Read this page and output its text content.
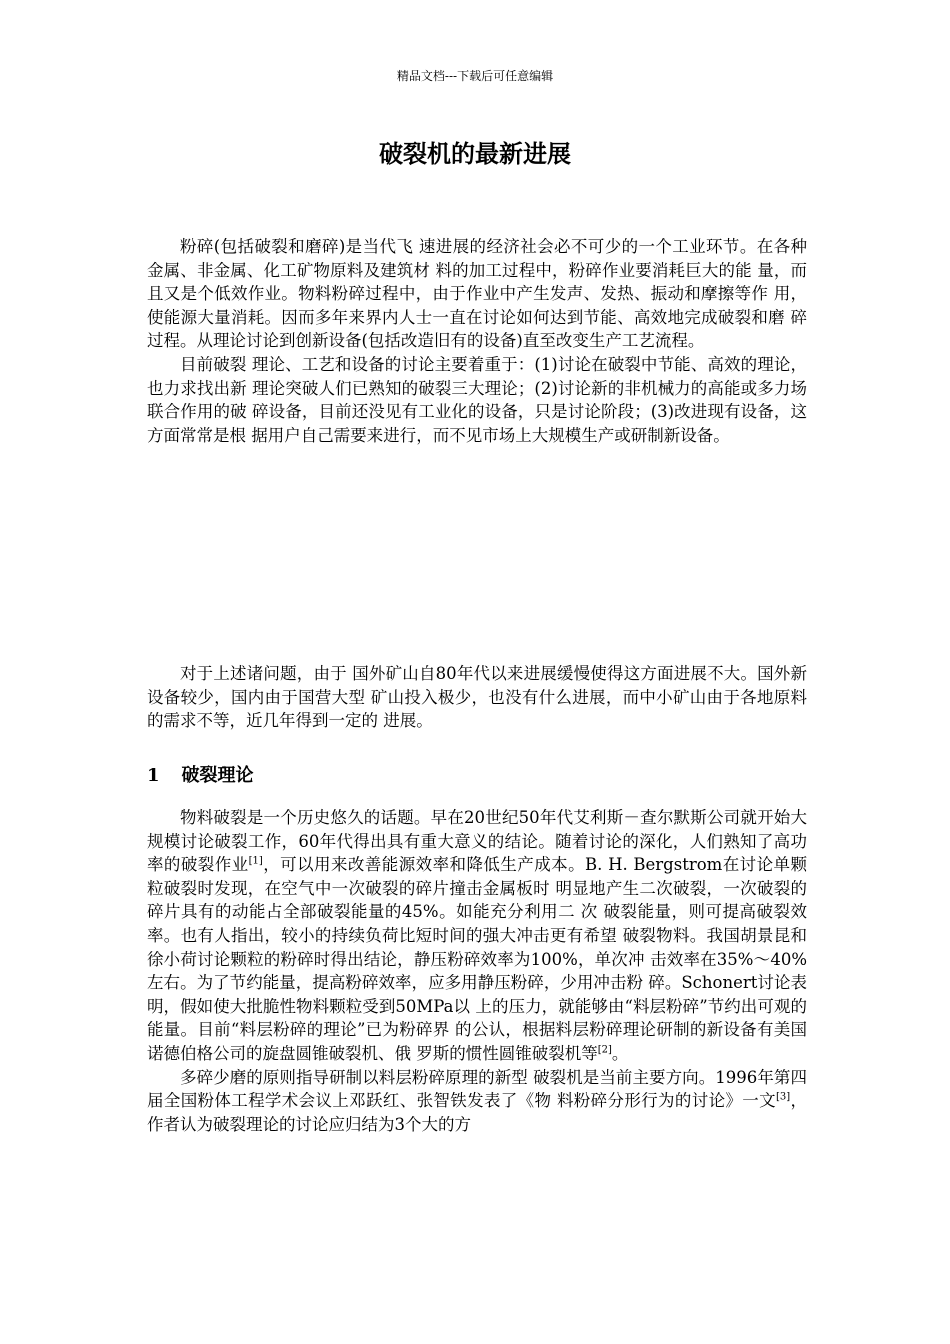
精品文档---下载后可任意编辑
破裂机的最新进展

粉碎(包括破裂和磨碎)是当代飞 速进展的经济社会必不可少的一个工业环节。在各种金属、非金属、化工矿物原料及建筑材 料的加工过程中，粉碎作业要消耗巨大的能 量，而且又是个低效作业。物料粉碎过程中，由于作业中产生发声、发热、振动和摩擦等作 用，使能源大量消耗。因而多年来界内人士一直在讨论如何达到节能、高效地完成破裂和磨 碎过程。从理论讨论到创新设备(包括改造旧有的设备)直至改变生产工艺流程。

目前破裂 理论、工艺和设备的讨论主要着重于：(1)讨论在破裂中节能、高效的理论，也力求找出新 理论突破人们已熟知的破裂三大理论；(2)讨论新的非机械力的高能或多力场联合作用的破 碎设备，目前还没见有工业化的设备，只是讨论阶段；(3)改进现有设备，这方面常常是根 据用户自己需要来进行，而不见市场上大规模生产或研制新设备。

对于上述诸问题，由于 国外矿山自80年代以来进展缓慢使得这方面进展不大。国外新设备较少，国内由于国营大型 矿山投入极少，也没有什么进展，而中小矿山由于各地原料的需求不等，近几年得到一定的 进展。

1 破裂理论

物料破裂是一个历史悠久的话题。早在20世纪50年代艾利斯－查尔默斯公司就开始大规模讨论破裂工作，60年代得出具有重大意义的结论。随着讨论的深化，人们熟知了高功率的破裂作业[1]，可以用来改善能源效率和降低生产成本。B. H. Bergstrom在讨论单颗粒破裂时发现，在空气中一次破裂的碎片撞击金属板时 明显地产生二次破裂，一次破裂的碎片具有的动能占全部破裂能量的45%。如能充分利用二 次 破裂能量，则可提高破裂效率。也有人指出，较小的持续负荷比短时间的强大冲击更有希望 破裂物料。我国胡景昆和徐小荷讨论颗粒的粉碎时得出结论，静压粉碎效率为100%，单次冲 击效率在35%～40%左右。为了节约能量，提高粉碎效率，应多用静压粉碎，少用冲击粉 碎。Schonert讨论表明，假如使大批脆性物料颗粒受到50MPa以 上的压力，就能够由“料层粉碎”节约出可观的能量。目前“料层粉碎的理论”已为粉碎界 的公认，根据料层粉碎理论研制的新设备有美国诺德伯格公司的旋盘圆锥破裂机、俄 罗斯的惯性圆锥破裂机等[2]。

多碎少磨的原则指导研制以料层粉碎原理的新型 破裂机是当前主要方向。1996年第四届全国粉体工程学术会议上邓跃红、张智铁发表了《物 料粉碎分形行为的讨论》一文[3]，作者认为破裂理论的讨论应归结为3个大的方
